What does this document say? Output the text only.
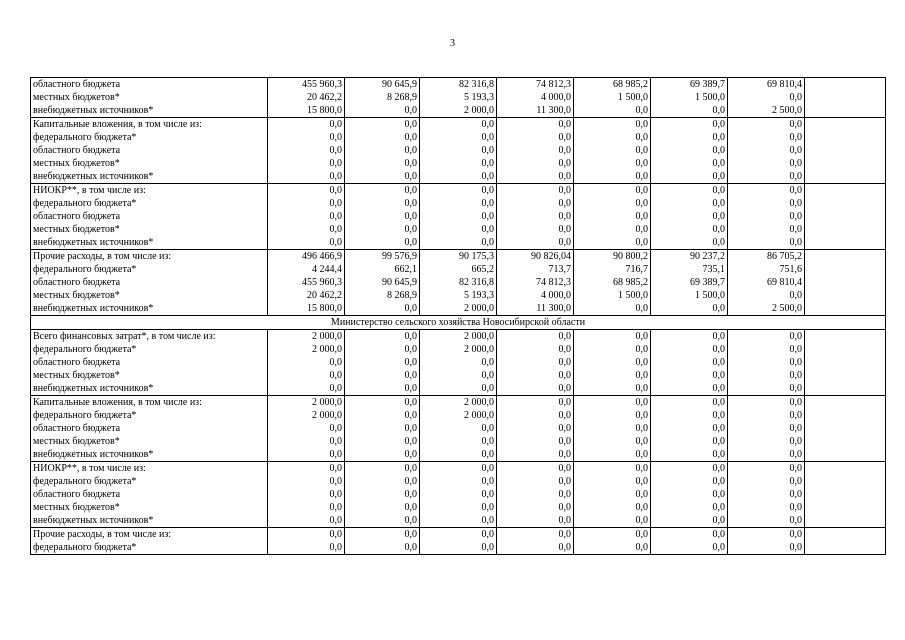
3
областного бюджета	455 960,3	90 645,9	82 316,8	74 812,3	68 985,2	69 389,7	69 810,4	
местных бюджетов*	20 462,2	8 268,9	5 193,3	4 000,0	1 500,0	1 500,0	0,0	
внебюджетных источников*	15 800,0	0,0	2 000,0	11 300,0	0,0	0,0	2 500,0	
Капитальные вложения, в том числе из:	0,0	0,0	0,0	0,0	0,0	0,0	0,0	
федерального бюджета*	0,0	0,0	0,0	0,0	0,0	0,0	0,0	
областного бюджета	0,0	0,0	0,0	0,0	0,0	0,0	0,0	
местных бюджетов*	0,0	0,0	0,0	0,0	0,0	0,0	0,0	
внебюджетных источников*	0,0	0,0	0,0	0,0	0,0	0,0	0,0	
НИОКР**, в том числе из:	0,0	0,0	0,0	0,0	0,0	0,0	0,0	
федерального бюджета*	0,0	0,0	0,0	0,0	0,0	0,0	0,0	
областного бюджета	0,0	0,0	0,0	0,0	0,0	0,0	0,0	
местных бюджетов*	0,0	0,0	0,0	0,0	0,0	0,0	0,0	
внебюджетных источников*	0,0	0,0	0,0	0,0	0,0	0,0	0,0	
Прочие расходы, в том числе из:	496 466,9	99 576,9	90 175,3	90 826,04	90 800,2	90 237,2	86 705,2	
федерального бюджета*	4 244,4	662,1	665,2	713,7	716,7	735,1	751,6	
областного бюджета	455 960,3	90 645,9	82 316,8	74 812,3	68 985,2	69 389,7	69 810,4	
местных бюджетов*	20 462,2	8 268,9	5 193,3	4 000,0	1 500,0	1 500,0	0,0	
внебюджетных источников*	15 800,0	0,0	2 000,0	11 300,0	0,0	0,0	2 500,0	
Министерство сельского хозяйства Новосибирской области								
Всего финансовых затрат*, в том числе из:	2 000,0	0,0	2 000,0	0,0	0,0	0,0	0,0	
федерального бюджета*	2 000,0	0,0	2 000,0	0,0	0,0	0,0	0,0	
областного бюджета	0,0	0,0	0,0	0,0	0,0	0,0	0,0	
местных бюджетов*	0,0	0,0	0,0	0,0	0,0	0,0	0,0	
внебюджетных источников*	0,0	0,0	0,0	0,0	0,0	0,0	0,0	
Капитальные вложения, в том числе из:	2 000,0	0,0	2 000,0	0,0	0,0	0,0	0,0	
федерального бюджета*	2 000,0	0,0	2 000,0	0,0	0,0	0,0	0,0	
областного бюджета	0,0	0,0	0,0	0,0	0,0	0,0	0,0	
местных бюджетов*	0,0	0,0	0,0	0,0	0,0	0,0	0,0	
внебюджетных источников*	0,0	0,0	0,0	0,0	0,0	0,0	0,0	
НИОКР**, в том числе из:	0,0	0,0	0,0	0,0	0,0	0,0	0,0	
федерального бюджета*	0,0	0,0	0,0	0,0	0,0	0,0	0,0	
областного бюджета	0,0	0,0	0,0	0,0	0,0	0,0	0,0	
местных бюджетов*	0,0	0,0	0,0	0,0	0,0	0,0	0,0	
внебюджетных источников*	0,0	0,0	0,0	0,0	0,0	0,0	0,0	
Прочие расходы, в том числе из:	0,0	0,0	0,0	0,0	0,0	0,0	0,0	
федерального бюджета*	0,0	0,0	0,0	0,0	0,0	0,0	0,0	
